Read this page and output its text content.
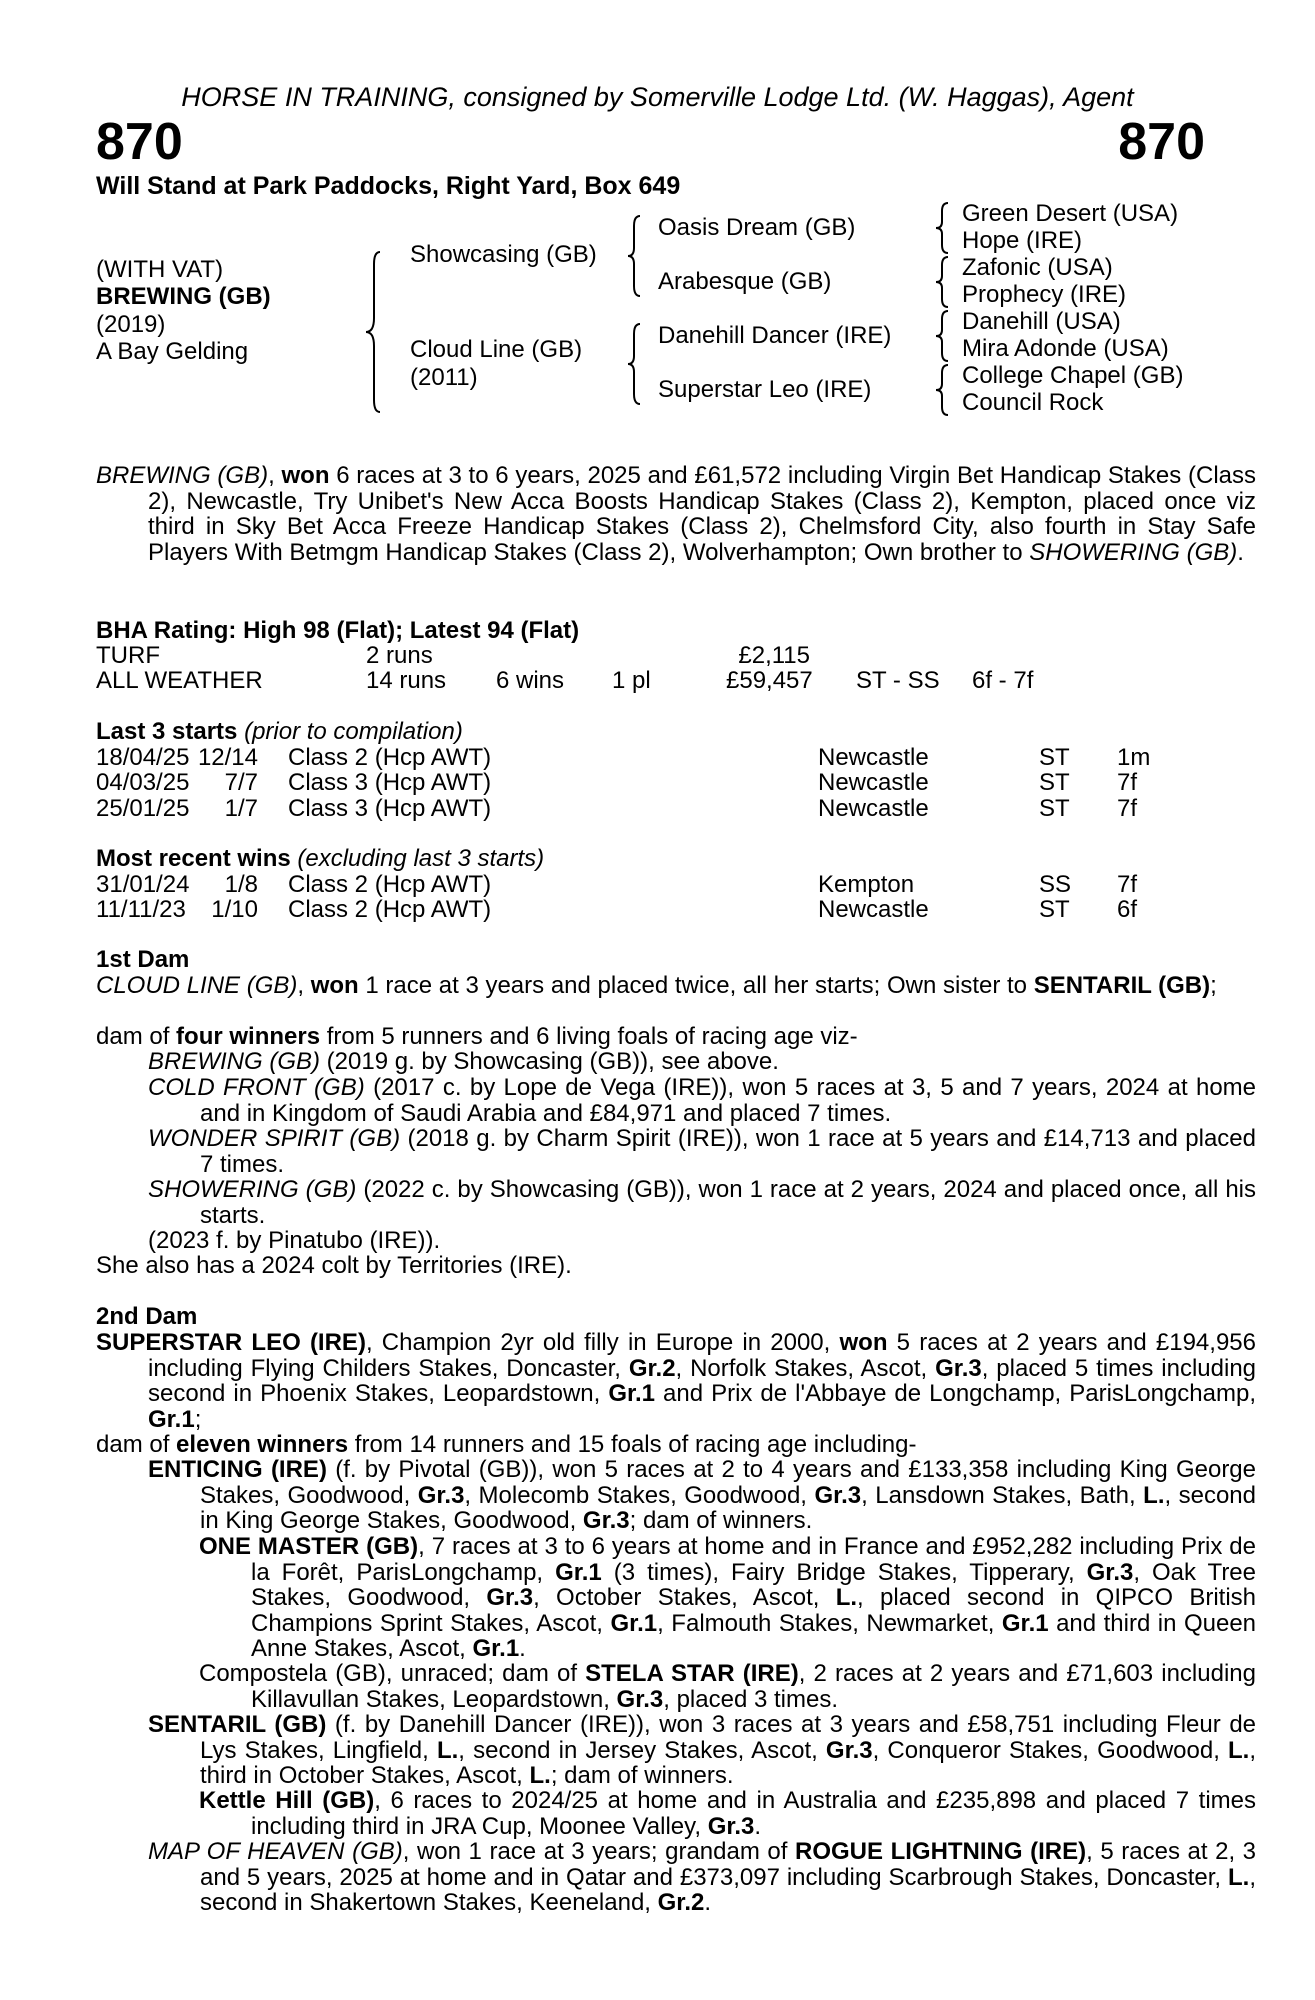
HORSE IN TRAINING, consigned by Somerville Lodge Ltd. (W. Haggas), Agent
870	870
Will Stand at Park Paddocks, Right Yard, Box 649
(WITH VAT)
BREWING (GB)
(2019)
A Bay Gelding
Showcasing (GB)
Cloud Line (GB)
(2011)
Oasis Dream (GB)
Arabesque (GB)
Danehill Dancer (IRE)
Superstar Leo (IRE)
Green Desert (USA)
Hope (IRE)
Zafonic (USA)
Prophecy (IRE)
Danehill (USA)
Mira Adonde (USA)
College Chapel (GB)
Council Rock
BREWING (GB), won 6 races at 3 to 6 years, 2025 and £61,572 including Virgin Bet Handicap Stakes (Class 2), Newcastle, Try Unibet's New Acca Boosts Handicap Stakes (Class 2), Kempton, placed once viz third in Sky Bet Acca Freeze Handicap Stakes (Class 2), Chelmsford City, also fourth in Stay Safe Players With Betmgm Handicap Stakes (Class 2), Wolverhampton; Own brother to SHOWERING (GB).
BHA Rating: High 98 (Flat); Latest 94 (Flat)
TURF	2 runs	£2,115
ALL WEATHER	14 runs 6 wins 1 pl	£59,457 ST - SS 6f - 7f
Last 3 starts (prior to compilation)
18/04/25 12/14 Class 2 (Hcp AWT)	Newcastle	ST 1m
04/03/25	7/7 Class 3 (Hcp AWT)	Newcastle	ST 7f
25/01/25	1/7 Class 3 (Hcp AWT)	Newcastle	ST 7f
Most recent wins (excluding last 3 starts)
31/01/24	1/8 Class 2 (Hcp AWT)	Kempton	SS 7f
11/11/23	1/10 Class 2 (Hcp AWT)	Newcastle	ST 6f
1st Dam
CLOUD LINE (GB), won 1 race at 3 years and placed twice, all her starts; Own sister to SENTARIL (GB);
dam of four winners from 5 runners and 6 living foals of racing age viz-
BREWING (GB) (2019 g. by Showcasing (GB)), see above.
COLD FRONT (GB) (2017 c. by Lope de Vega (IRE)), won 5 races at 3, 5 and 7 years, 2024 at home and in Kingdom of Saudi Arabia and £84,971 and placed 7 times.
WONDER SPIRIT (GB) (2018 g. by Charm Spirit (IRE)), won 1 race at 5 years and £14,713 and placed 7 times.
SHOWERING (GB) (2022 c. by Showcasing (GB)), won 1 race at 2 years, 2024 and placed once, all his starts.
(2023 f. by Pinatubo (IRE)).
She also has a 2024 colt by Territories (IRE).
2nd Dam
SUPERSTAR LEO (IRE), Champion 2yr old filly in Europe in 2000, won 5 races at 2 years and £194,956 including Flying Childers Stakes, Doncaster, Gr.2, Norfolk Stakes, Ascot, Gr.3, placed 5 times including second in Phoenix Stakes, Leopardstown, Gr.1 and Prix de l'Abbaye de Longchamp, ParisLongchamp, Gr.1;
dam of eleven winners from 14 runners and 15 foals of racing age including-
ENTICING (IRE) (f. by Pivotal (GB)), won 5 races at 2 to 4 years and £133,358 including King George Stakes, Goodwood, Gr.3, Molecomb Stakes, Goodwood, Gr.3, Lansdown Stakes, Bath, L., second in King George Stakes, Goodwood, Gr.3; dam of winners.
ONE MASTER (GB), 7 races at 3 to 6 years at home and in France and £952,282 including Prix de la Forêt, ParisLongchamp, Gr.1 (3 times), Fairy Bridge Stakes, Tipperary, Gr.3, Oak Tree Stakes, Goodwood, Gr.3, October Stakes, Ascot, L., placed second in QIPCO British Champions Sprint Stakes, Ascot, Gr.1, Falmouth Stakes, Newmarket, Gr.1 and third in Queen Anne Stakes, Ascot, Gr.1.
Compostela (GB), unraced; dam of STELA STAR (IRE), 2 races at 2 years and £71,603 including Killavullan Stakes, Leopardstown, Gr.3, placed 3 times.
SENTARIL (GB) (f. by Danehill Dancer (IRE)), won 3 races at 3 years and £58,751 including Fleur de Lys Stakes, Lingfield, L., second in Jersey Stakes, Ascot, Gr.3, Conqueror Stakes, Goodwood, L., third in October Stakes, Ascot, L.; dam of winners.
Kettle Hill (GB), 6 races to 2024/25 at home and in Australia and £235,898 and placed 7 times including third in JRA Cup, Moonee Valley, Gr.3.
MAP OF HEAVEN (GB), won 1 race at 3 years; grandam of ROGUE LIGHTNING (IRE), 5 races at 2, 3 and 5 years, 2025 at home and in Qatar and £373,097 including Scarbrough Stakes, Doncaster, L., second in Shakertown Stakes, Keeneland, Gr.2.
